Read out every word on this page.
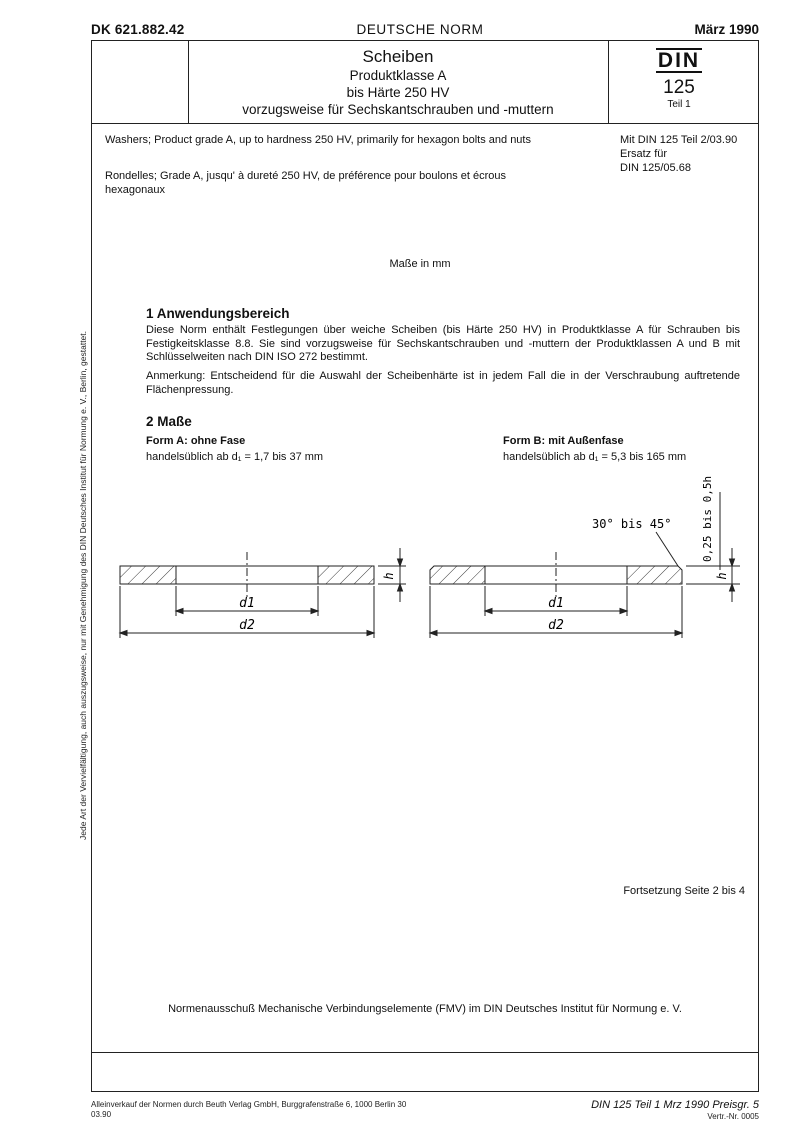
DK 621.882.42	DEUTSCHE NORM	März 1990
Scheiben
Produktklasse A
bis Härte 250 HV
vorzugsweise für Sechskantschrauben und -muttern
DIN
125
Teil 1
Washers; Product grade A, up to hardness 250 HV, primarily for hexagon bolts and nuts
Rondelles; Grade A, jusqu' à dureté 250 HV, de préférence pour boulons et écrous hexagonaux
Mit DIN 125 Teil 2/03.90
Ersatz für
DIN 125/05.68
Maße in mm
1 Anwendungsbereich
Diese Norm enthält Festlegungen über weiche Scheiben (bis Härte 250 HV) in Produktklasse A für Schrauben bis Festigkeitsklasse 8.8. Sie sind vorzugsweise für Sechskantschrauben und -muttern der Produktklassen A und B mit Schlüsselweiten nach DIN ISO 272 bestimmt.
Anmerkung: Entscheidend für die Auswahl der Scheibenhärte ist in jedem Fall die in der Verschraubung auftretende Flächenpressung.
2 Maße
Form A: ohne Fase
handelsüblich ab d₁ = 1,7 bis 37 mm
Form B: mit Außenfase
handelsüblich ab d₁ = 5,3 bis 165 mm
d1
d2
h
d1
d2
30° bis 45°	0,25 bis 0,5h
h
Fortsetzung Seite 2 bis 4
Normenausschuß Mechanische Verbindungselemente (FMV) im DIN Deutsches Institut für Normung e. V.
Jede Art der Vervielfältigung, auch auszugsweise, nur mit Genehmigung des DIN Deutsches Institut für Normung e. V., Berlin, gestattet.
Alleinverkauf der Normen durch Beuth Verlag GmbH, Burggrafenstraße 6, 1000 Berlin 30
03.90
DIN 125 Teil 1 Mrz 1990 Preisgr. 5
Vertr.-Nr. 0005
